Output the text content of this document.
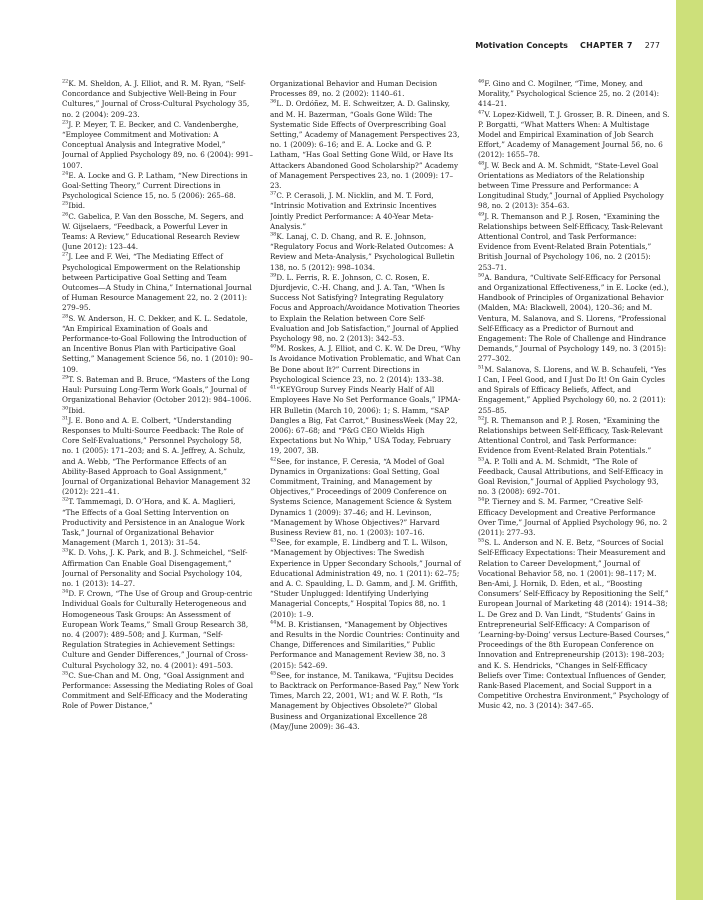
Motivation Concepts CHAPTER 7 277

$^{22}$K. M. Sheldon, A. J. Elliot, and R. M. Ryan, “Self-Concordance and Subjective Well-Being in Four Cultures,” Journal of Cross-Cultural Psychology 35, no. 2 (2004): 209–23.

$^{23}$J. P. Meyer, T. E. Becker, and C. Vandenberghe, “Employee Commitment and Motivation: A Conceptual Analysis and Integrative Model,” Journal of Applied Psychology 89, no. 6 (2004): 991–1007.

$^{24}$E. A. Locke and G. P. Latham, “New Directions in Goal-Setting Theory,” Current Directions in Psychological Science 15, no. 5 (2006): 265–68.

$^{25}$Ibid.

$^{26}$C. Gabelica, P. Van den Bossche, M. Segers, and W. Gijselaers, “Feedback, a Powerful Lever in Teams: A Review,” Educational Research Review (June 2012): 123–44.

$^{27}$J. Lee and F. Wei, “The Mediating Effect of Psychological Empowerment on the Relationship between Participative Goal Setting and Team Outcomes—A Study in China,” International Journal of Human Resource Management 22, no. 2 (2011): 279–95.

$^{28}$S. W. Anderson, H. C. Dekker, and K. L. Sedatole, “An Empirical Examination of Goals and Performance-to-Goal Following the Introduction of an Incentive Bonus Plan with Participative Goal Setting,” Management Science 56, no. 1 (2010): 90–109.

$^{29}$T. S. Bateman and B. Bruce, “Masters of the Long Haul: Pursuing Long-Term Work Goals,” Journal of Organizational Behavior (October 2012): 984–1006.

$^{30}$Ibid.

$^{31}$J. E. Bono and A. E. Colbert, “Understanding Responses to Multi-Source Feedback: The Role of Core Self-Evaluations,” Personnel Psychology 58, no. 1 (2005): 171–203; and S. A. Jeffrey, A. Schulz, and A. Webb, “The Performance Effects of an Ability-Based Approach to Goal Assignment,” Journal of Organizational Behavior Management 32 (2012): 221–41.

$^{32}$T. Tammemagi, D. O’Hora, and K. A. Maglieri, “The Effects of a Goal Setting Intervention on Productivity and Persistence in an Analogue Work Task,” Journal of Organizational Behavior Management (March 1, 2013): 31–54.

$^{33}$K. D. Vohs, J. K. Park, and B. J. Schmeichel, “Self-Affirmation Can Enable Goal Disengagement,” Journal of Personality and Social Psychology 104, no. 1 (2013): 14–27.

$^{34}$D. F. Crown, “The Use of Group and Group-centric Individual Goals for Culturally Heterogeneous and Homogeneous Task Groups: An Assessment of European Work Teams,” Small Group Research 38, no. 4 (2007): 489–508; and J. Kurman, “Self-Regulation Strategies in Achievement Settings: Culture and Gender Differences,” Journal of Cross-Cultural Psychology 32, no. 4 (2001): 491–503.

$^{35}$C. Sue-Chan and M. Ong, “Goal Assignment and Performance: Assessing the Mediating Roles of Goal Commitment and Self-Efficacy and the Moderating Role of Power Distance,”

Organizational Behavior and Human Decision Processes 89, no. 2 (2002): 1140–61.

$^{36}$L. D. Ordóñez, M. E. Schweitzer, A. D. Galinsky, and M. H. Bazerman, “Goals Gone Wild: The Systematic Side Effects of Overprescribing Goal Setting,” Academy of Management Perspectives 23, no. 1 (2009): 6–16; and E. A. Locke and G. P. Latham, “Has Goal Setting Gone Wild, or Have Its Attackers Abandoned Good Scholarship?” Academy of Management Perspectives 23, no. 1 (2009): 17–23.

$^{37}$C. P. Cerasoli, J. M. Nicklin, and M. T. Ford, “Intrinsic Motivation and Extrinsic Incentives Jointly Predict Performance: A 40-Year Meta-Analysis.”

$^{38}$K. Lanaj, C. D. Chang, and R. E. Johnson, “Regulatory Focus and Work-Related Outcomes: A Review and Meta-Analysis,” Psychological Bulletin 138, no. 5 (2012): 998–1034.

$^{39}$D. L. Ferris, R. E. Johnson, C. C. Rosen, E. Djurdjevic, C.-H. Chang, and J. A. Tan, “When Is Success Not Satisfying? Integrating Regulatory Focus and Approach/Avoidance Motivation Theories to Explain the Relation between Core Self-Evaluation and Job Satisfaction,” Journal of Applied Psychology 98, no. 2 (2013): 342–53.

$^{40}$M. Roskes, A. J. Elliot, and C. K. W. De Dreu, “Why Is Avoidance Motivation Problematic, and What Can Be Done about It?” Current Directions in Psychological Science 23, no. 2 (2014): 133–38.

$^{41}$“KEYGroup Survey Finds Nearly Half of All Employees Have No Set Performance Goals,” IPMA-HR Bulletin (March 10, 2006): 1; S. Hamm, “SAP Dangles a Big, Fat Carrot,” BusinessWeek (May 22, 2006): 67–68; and “P&G CEO Wields High Expectations but No Whip,” USA Today, February 19, 2007, 3B.

$^{42}$See, for instance, F. Ceresia, “A Model of Goal Dynamics in Organizations: Goal Setting, Goal Commitment, Training, and Management by Objectives,” Proceedings of 2009 Conference on Systems Science, Management Science & System Dynamics 1 (2009): 37–46; and H. Levinson, “Management by Whose Objectives?” Harvard Business Review 81, no. 1 (2003): 107–16.

$^{43}$See, for example, E. Lindberg and T. L. Wilson, “Management by Objectives: The Swedish Experience in Upper Secondary Schools,” Journal of Educational Administration 49, no. 1 (2011): 62–75; and A. C. Spaulding, L. D. Gamm, and J. M. Griffith, “Studer Unplugged: Identifying Underlying Managerial Concepts,” Hospital Topics 88, no. 1 (2010): 1–9.

$^{44}$M. B. Kristiansen, “Management by Objectives and Results in the Nordic Countries: Continuity and Change, Differences and Similarities,” Public Performance and Management Review 38, no. 3 (2015): 542–69.

$^{45}$See, for instance, M. Tanikawa, “Fujitsu Decides to Backtrack on Performance-Based Pay,” New York Times, March 22, 2001, W1; and W. F. Roth, “Is Management by Objectives Obsolete?” Global Business and Organizational Excellence 28 (May/June 2009): 36–43.

$^{46}$F. Gino and C. Mogilner, “Time, Money, and Morality,” Psychological Science 25, no. 2 (2014): 414–21.

$^{47}$V. Lopez-Kidwell, T. J. Grosser, B. R. Dineen, and S. P. Borgatti, “What Matters When: A Multistage Model and Empirical Examination of Job Search Effort,” Academy of Management Journal 56, no. 6 (2012): 1655–78.

$^{48}$J. W. Beck and A. M. Schmidt, “State-Level Goal Orientations as Mediators of the Relationship between Time Pressure and Performance: A Longitudinal Study,” Journal of Applied Psychology 98, no. 2 (2013): 354–63.

$^{49}$J. R. Themanson and P. J. Rosen, “Examining the Relationships between Self-Efficacy, Task-Relevant Attentional Control, and Task Performance: Evidence from Event-Related Brain Potentials,” British Journal of Psychology 106, no. 2 (2015): 253–71.

$^{50}$A. Bandura, “Cultivate Self-Efficacy for Personal and Organizational Effectiveness,” in E. Locke (ed.), Handbook of Principles of Organizational Behavior (Malden, MA: Blackwell, 2004), 120–36; and M. Ventura, M. Salanova, and S. Llorens, “Professional Self-Efficacy as a Predictor of Burnout and Engagement: The Role of Challenge and Hindrance Demands,” Journal of Psychology 149, no. 3 (2015): 277–302.

$^{51}$M. Salanova, S. Llorens, and W. B. Schaufeli, “Yes I Can, I Feel Good, and I Just Do It! On Gain Cycles and Spirals of Efficacy Beliefs, Affect, and Engagement,” Applied Psychology 60, no. 2 (2011): 255–85.

$^{52}$J. R. Themanson and P. J. Rosen, “Examining the Relationships between Self-Efficacy, Task-Relevant Attentional Control, and Task Performance: Evidence from Event-Related Brain Potentials.”

$^{53}$A. P. Tolli and A. M. Schmidt, “The Role of Feedback, Causal Attributions, and Self-Efficacy in Goal Revision,” Journal of Applied Psychology 93, no. 3 (2008): 692–701.

$^{54}$P. Tierney and S. M. Farmer, “Creative Self-Efficacy Development and Creative Performance Over Time,” Journal of Applied Psychology 96, no. 2 (2011): 277–93.

$^{55}$S. L. Anderson and N. E. Betz, “Sources of Social Self-Efficacy Expectations: Their Measurement and Relation to Career Development,” Journal of Vocational Behavior 58, no. 1 (2001): 98–117; M. Ben-Ami, J. Hornik, D. Eden, et al., “Boosting Consumers’ Self-Efficacy by Repositioning the Self,” European Journal of Marketing 48 (2014): 1914–38; L. De Grez and D. Van Lindt, “Students’ Gains in Entrepreneurial Self-Efficacy: A Comparison of ‘Learning-by-Doing’ versus Lecture-Based Courses,” Proceedings of the 8th European Conference on Innovation and Entrepreneurship (2013): 198–203; and K. S. Hendricks, “Changes in Self-Efficacy Beliefs over Time: Contextual Influences of Gender, Rank-Based Placement, and Social Support in a Competitive Orchestra Environment,” Psychology of Music 42, no. 3 (2014): 347–65.
